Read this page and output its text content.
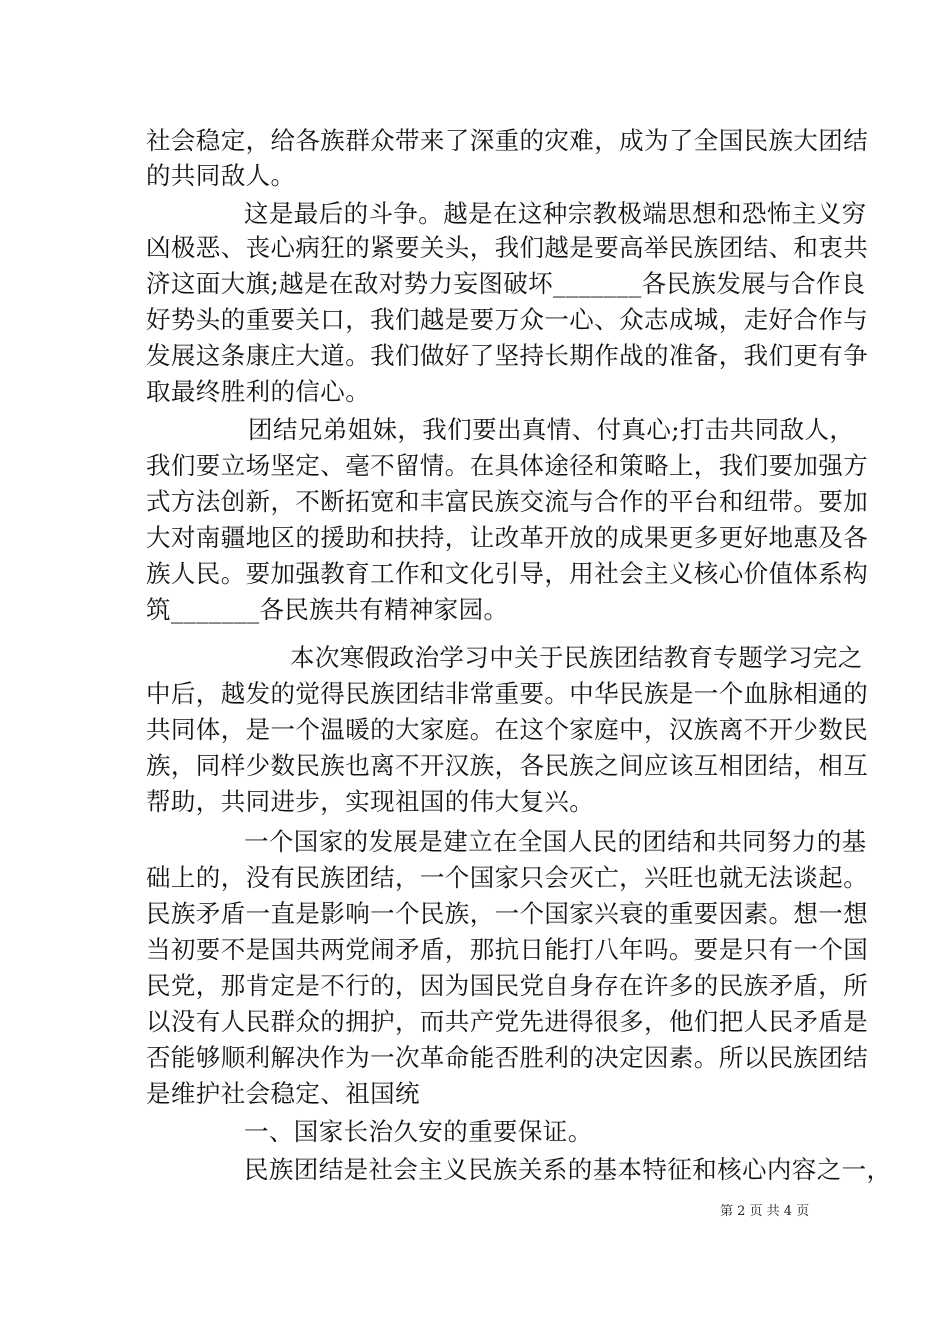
社会稳定，给各族群众带来了深重的灾难，成为了全国民族大团结
的共同敌人。
这是最后的斗争。越是在这种宗教极端思想和恐怖主义穷
凶极恶、丧心病狂的紧要关头，我们越是要高举民族团结、和衷共
济这面大旗;越是在敌对势力妄图破坏_______各民族发展与合作良
好势头的重要关口，我们越是要万众一心、众志成城，走好合作与
发展这条康庄大道。我们做好了坚持长期作战的准备，我们更有争
取最终胜利的信心。
团结兄弟姐妹，我们要出真情、付真心;打击共同敌人，
我们要立场坚定、毫不留情。在具体途径和策略上，我们要加强方
式方法创新，不断拓宽和丰富民族交流与合作的平台和纽带。要加
大对南疆地区的援助和扶持，让改革开放的成果更多更好地惠及各
族人民。要加强教育工作和文化引导，用社会主义核心价值体系构
筑_______各民族共有精神家园。
本次寒假政治学习中关于民族团结教育专题学习完之
中后，越发的觉得民族团结非常重要。中华民族是一个血脉相通的
共同体，是一个温暖的大家庭。在这个家庭中，汉族离不开少数民
族，同样少数民族也离不开汉族，各民族之间应该互相团结，相互
帮助，共同进步，实现祖国的伟大复兴。
一个国家的发展是建立在全国人民的团结和共同努力的基
础上的，没有民族团结，一个国家只会灭亡，兴旺也就无法谈起。
民族矛盾一直是影响一个民族，一个国家兴衰的重要因素。想一想
当初要不是国共两党闹矛盾，那抗日能打八年吗。要是只有一个国
民党，那肯定是不行的，因为国民党自身存在许多的民族矛盾，所
以没有人民群众的拥护，而共产党先进得很多，他们把人民矛盾是
否能够顺利解决作为一次革命能否胜利的决定因素。所以民族团结
是维护社会稳定、祖国统
一、国家长治久安的重要保证。
民族团结是社会主义民族关系的基本特征和核心内容之一，
第 2 页 共 4 页
